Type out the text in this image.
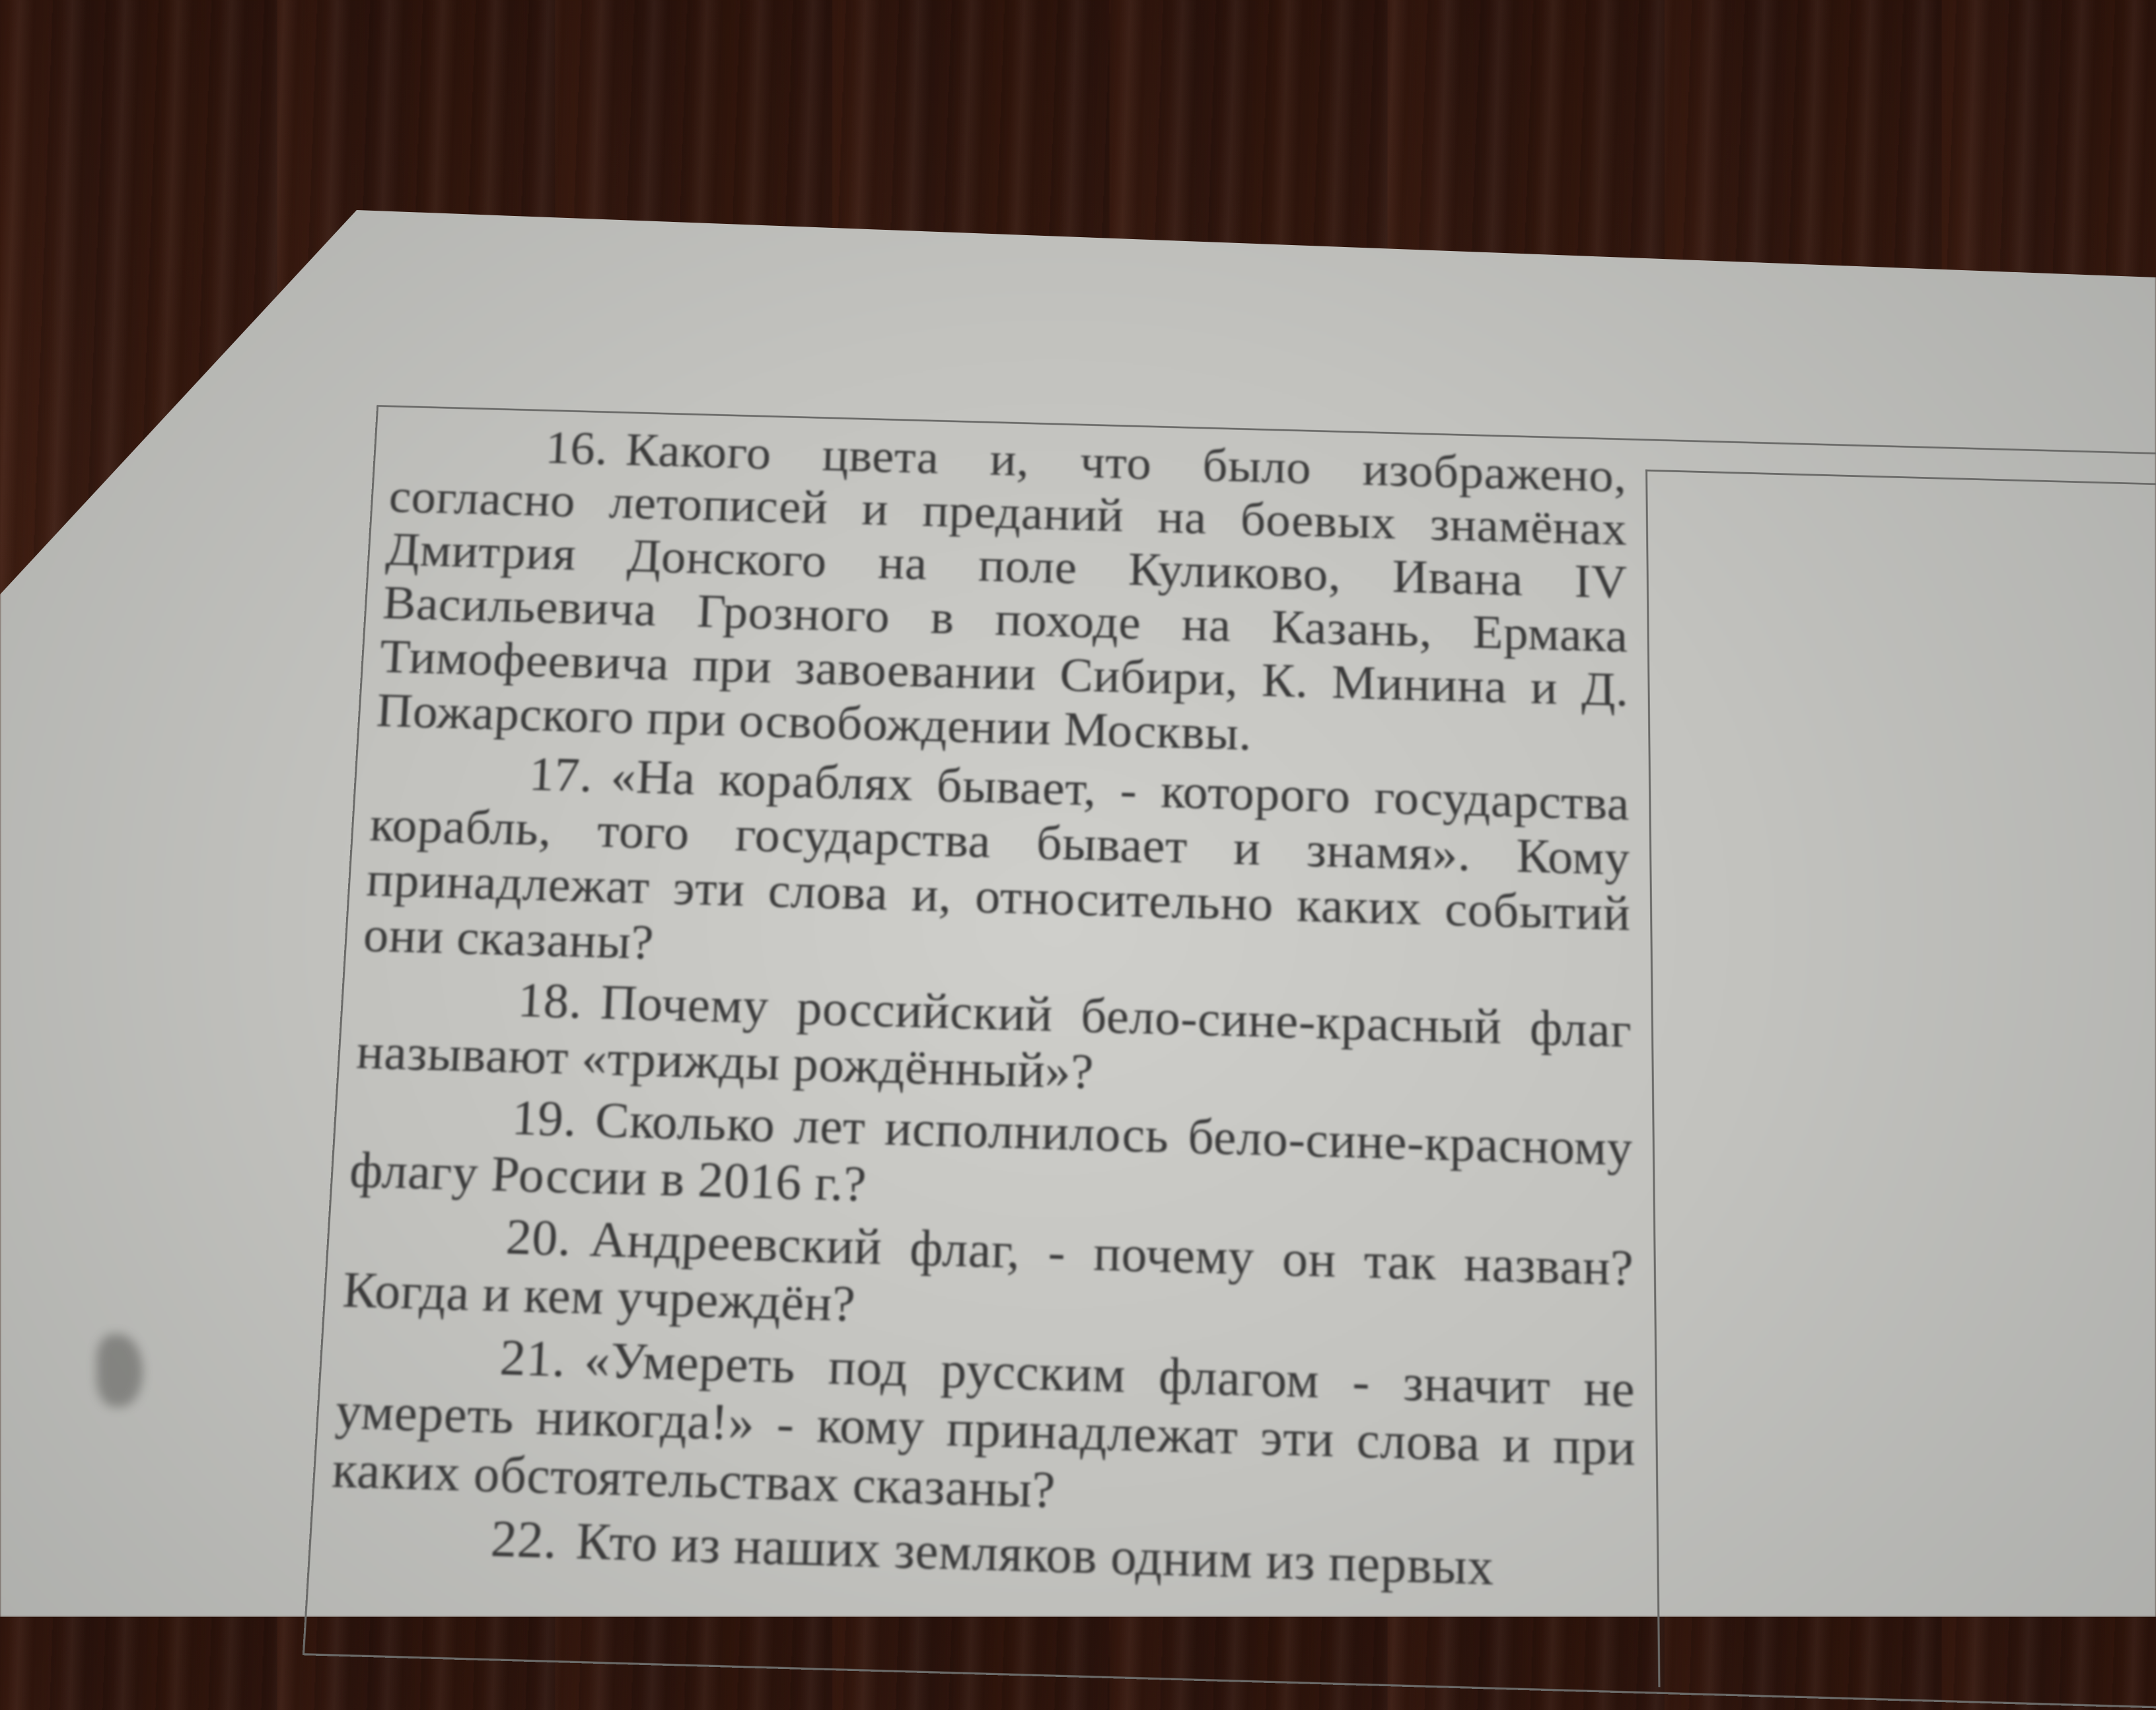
16. Какого цвета и, что было изображено, согласно летописей и преданий на боевых знамёнах Дмитрия Донского на поле Куликово, Ивана IV Васильевича Грозного в походе на Казань, Ермака Тимофеевича при завоевании Сибири, К. Минина и Д. Пожарского при освобождении Москвы.
17. «На кораблях бывает, - которого государства корабль, того государства бывает и знамя». Кому принадлежат эти слова и, относительно каких событий они сказаны?
18. Почему российский бело-сине-красный флаг называют «трижды рождённый»?
19. Сколько лет исполнилось бело-сине-красному флагу России в 2016 г.?
20. Андреевский флаг, - почему он так назван? Когда и кем учреждён?
21. «Умереть под русским флагом - значит не умереть никогда!» - кому принадлежат эти слова и при каких обстоятельствах сказаны?
22. Кто из наших земляков одним из первых
